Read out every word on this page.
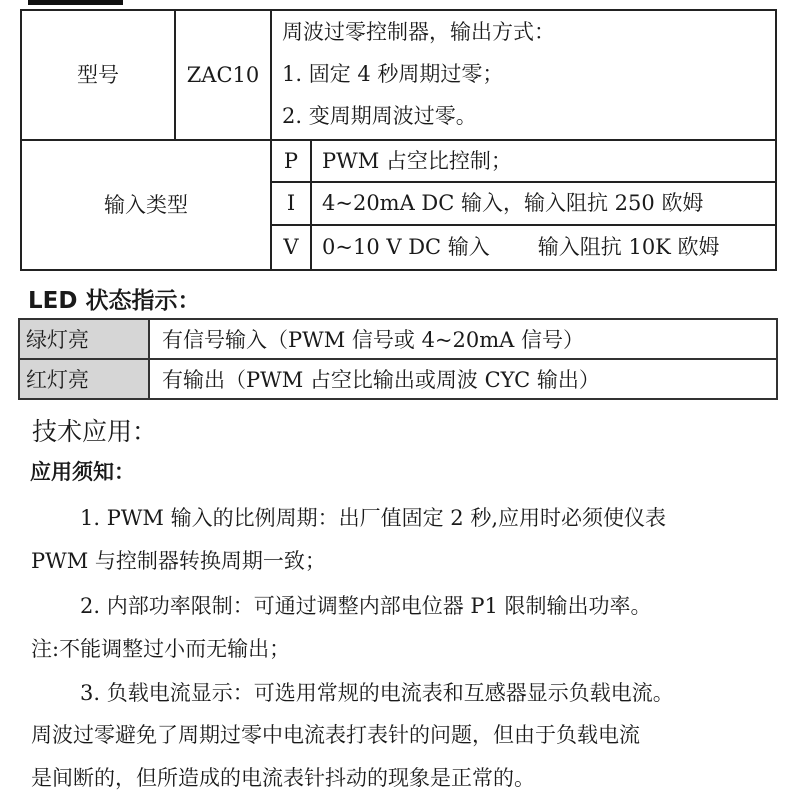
型号	ZAC10	周波过零控制器，输出方式：
1. 固定 4 秒周期过零；
2. 变周期周波过零。	

输入类型		P	PWM 占空比控制；
		I	4~20mA DC 输入，输入阻抗 250 欧姆
		V	0~10 V DC 输入 输入阻抗 10K 欧姆
LED 状态指示：
绿灯亮	有信号输入（PWM 信号或 4~20mA 信号）
红灯亮	有输出（PWM 占空比输出或周波 CYC 输出）
技术应用：
应用须知：
1. PWM 输入的比例周期：出厂值固定 2 秒,应用时必须使仪表
PWM 与控制器转换周期一致；
2. 内部功率限制：可通过调整内部电位器 P1 限制输出功率。
注:不能调整过小而无输出；
3. 负载电流显示：可选用常规的电流表和互感器显示负载电流。
周波过零避免了周期过零中电流表打表针的问题，但由于负载电流
是间断的，但所造成的电流表针抖动的现象是正常的。
